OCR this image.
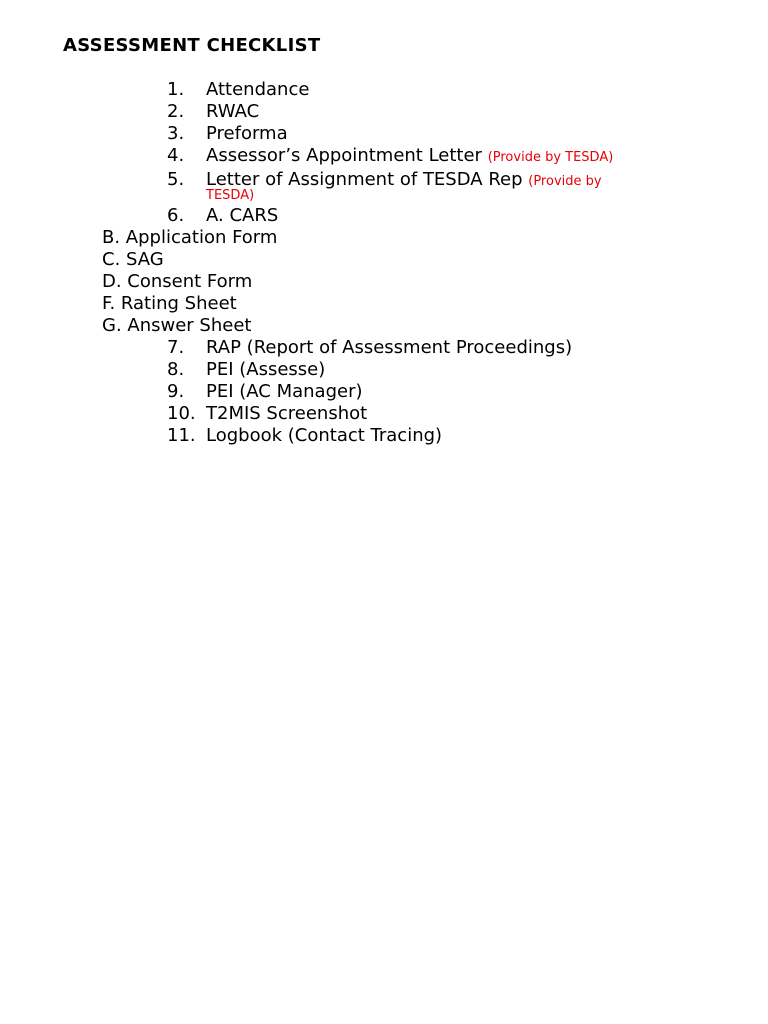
ASSESSMENT CHECKLIST
1.	Attendance
2.	RWAC
3.	Preforma
4.	Assessor’s Appointment Letter (Provide by TESDA)
5.	Letter of Assignment of TESDA Rep (Provide by
TESDA)
6.	A. CARS
B. Application Form
C. SAG
D. Consent Form
F. Rating Sheet
G. Answer Sheet
7.	RAP (Report of Assessment Proceedings)
8.	PEI (Assesse)
9.	PEI (AC Manager)
10. T2MIS Screenshot
11. Logbook (Contact Tracing)
